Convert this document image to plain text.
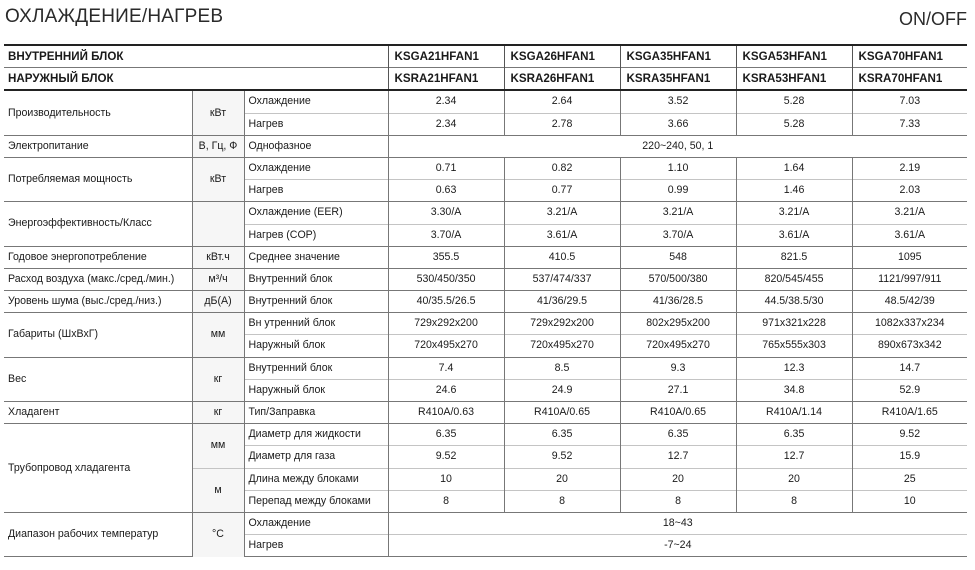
ОХЛАЖДЕНИЕ/НАГРЕВ	ON/OFF
ВНУТРЕННИЙ БЛОК			KSGA21HFAN1	KSGA26HFAN1	KSGA35HFAN1	KSGA53HFAN1	KSGA70HFAN1
НАРУЖНЫЙ БЛОК			KSRA21HFAN1	KSRA26HFAN1	KSRA35HFAN1	KSRA53HFAN1	KSRA70HFAN1
Производительность	кВт	Охлаждение	2.34	2.64	3.52	5.28	7.03
		Нагрев	2.34	2.78	3.66	5.28	7.33
Электропитание	В, Гц, Ф	Однофазное	220~240, 50, 1				
Потребляемая мощность	кВт	Охлаждение	0.71	0.82	1.10	1.64	2.19
		Нагрев	0.63	0.77	0.99	1.46	2.03
Энергоэффективность/Класс		Охлаждение (EER)	3.30/A	3.21/A	3.21/A	3.21/A	3.21/A
		Нагрев (COP)	3.70/A	3.61/A	3.70/A	3.61/A	3.61/A
Годовое энергопотребление	кВт.ч	Среднее значение	355.5	410.5	548	821.5	1095
Расход воздуха (макс./сред./мин.)	м³/ч	Внутренний блок	530/450/350	537/474/337	570/500/380	820/545/455	1121/997/911
Уровень шума (выс./сред./низ.)	дБ(А)	Внутренний блок	40/35.5/26.5	41/36/29.5	41/36/28.5	44.5/38.5/30	48.5/42/39
Габариты (ШхВхГ)	мм	Вн утренний блок	729x292x200	729x292x200	802x295x200	971x321x228	1082x337x234
		Наружный блок	720x495x270	720x495x270	720x495x270	765x555x303	890x673x342
Вес	кг	Внутренний блок	7.4	8.5	9.3	12.3	14.7
		Наружный блок	24.6	24.9	27.1	34.8	52.9
Хладагент	кг	Тип/Заправка	R410A/0.63	R410A/0.65	R410A/0.65	R410A/1.14	R410A/1.65
Трубопровод хладагента	мм	Диаметр для жидкости	6.35	6.35	6.35	6.35	9.52
		Диаметр для газа	9.52	9.52	12.7	12.7	15.9
	м	Длина между блоками	10	20	20	20	25
		Перепад между блоками	8	8	8	8	10
Диапазон рабочих температур	°C	Охлаждение	18~43				
		Нагрев	-7~24				
